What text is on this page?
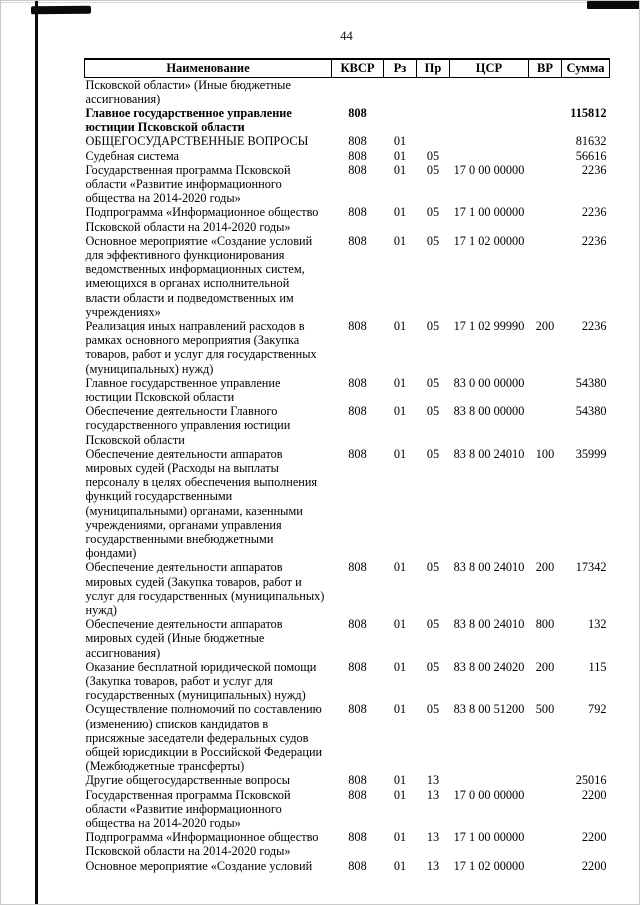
44
Наименование	КВСР	Рз	Пр	ЦСР	ВР	Сумма
Псковской области» (Иные бюджетные ассигнования)						
Главное государственное управление юстиции Псковской области	808					115812
ОБЩЕГОСУДАРСТВЕННЫЕ ВОПРОСЫ	808	01				81632
Судебная система	808	01	05			56616
Государственная программа Псковской области «Развитие информационного общества на 2014-2020 годы»	808	01	05	17 0 00 00000		2236
Подпрограмма «Информационное общество Псковской области на 2014-2020 годы»	808	01	05	17 1 00 00000		2236
Основное мероприятие «Создание условий для эффективного функционирования ведомственных информационных систем, имеющихся в органах исполнительной власти области и подведомственных им учреждениях»	808	01	05	17 1 02 00000		2236
Реализация иных направлений расходов в рамках основного мероприятия (Закупка товаров, работ и услуг для государственных (муниципальных) нужд)	808	01	05	17 1 02 99990	200	2236
Главное государственное управление юстиции Псковской области	808	01	05	83 0 00 00000		54380
Обеспечение деятельности Главного государственного управления юстиции Псковской области	808	01	05	83 8 00 00000		54380
Обеспечение деятельности аппаратов мировых судей (Расходы на выплаты персоналу в целях обеспечения выполнения функций государственными (муниципальными) органами, казенными учреждениями, органами управления государственными внебюджетными фондами)	808	01	05	83 8 00 24010	100	35999
Обеспечение деятельности аппаратов мировых судей (Закупка товаров, работ и услуг для государственных (муниципальных) нужд)	808	01	05	83 8 00 24010	200	17342
Обеспечение деятельности аппаратов мировых судей (Иные бюджетные ассигнования)	808	01	05	83 8 00 24010	800	132
Оказание бесплатной юридической помощи (Закупка товаров, работ и услуг для государственных (муниципальных) нужд)	808	01	05	83 8 00 24020	200	115
Осуществление полномочий по составлению (изменению) списков кандидатов в присяжные заседатели федеральных судов общей юрисдикции в Российской Федерации (Межбюджетные трансферты)	808	01	05	83 8 00 51200	500	792
Другие общегосударственные вопросы	808	01	13			25016
Государственная программа Псковской области «Развитие информационного общества на 2014-2020 годы»	808	01	13	17 0 00 00000		2200
Подпрограмма «Информационное общество Псковской области на 2014-2020 годы»	808	01	13	17 1 00 00000		2200
Основное мероприятие «Создание условий	808	01	13	17 1 02 00000		2200
